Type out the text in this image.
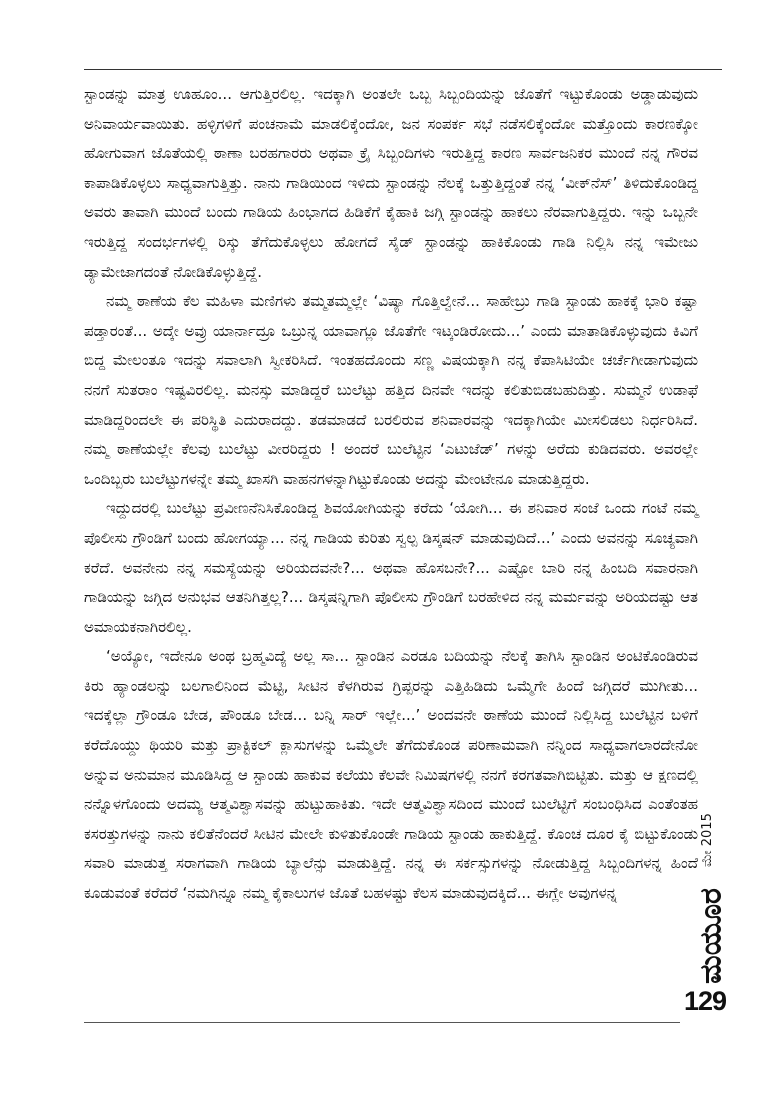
ಸ್ಟಾಂಡನ್ನು ಮಾತ್ರ ಊಹೂಂ... ಆಗುತ್ತಿರಲಿಲ್ಲ. ಇದಕ್ಕಾಗಿ ಅಂತಲೇ ಒಬ್ಬ ಸಿಬ್ಬಂದಿಯನ್ನು ಜೊತೆಗೆ ಇಟ್ಟುಕೊಂಡು ಅಡ್ಡಾಡುವುದು ಅನಿವಾರ್ಯವಾಯಿತು. ಹಳ್ಳಿಗಳಿಗೆ ಪಂಚನಾಮೆ ಮಾಡಲಿಕ್ಕೆಂದೋ, ಜನ ಸಂಪರ್ಕ ಸಭೆ ನಡೆಸಲಿಕ್ಕೆಂದೋ ಮತ್ತೊಂದು ಕಾರಣಕ್ಕೋ ಹೋಗುವಾಗ ಜೊತೆಯಲ್ಲಿ ಠಾಣಾ ಬರಹಗಾರರು ಅಥವಾ ಕ್ರೈ ಸಿಬ್ಬಂದಿಗಳು ಇರುತ್ತಿದ್ದ ಕಾರಣ ಸಾರ್ವಜನಿಕರ ಮುಂದೆ ನನ್ನ ಗೌರವ ಕಾಪಾಡಿಕೊಳ್ಳಲು ಸಾಧ್ಯವಾಗುತ್ತಿತ್ತು. ನಾನು ಗಾಡಿಯಿಂದ ಇಳಿದು ಸ್ಟಾಂಡನ್ನು ನೆಲಕ್ಕೆ ಒತ್ತುತ್ತಿದ್ದಂತೆ ನನ್ನ ‘ವೀಕ್‌ನೆಸ್’ ತಿಳಿದುಕೊಂಡಿದ್ದ ಅವರು ತಾವಾಗಿ ಮುಂದೆ ಬಂದು ಗಾಡಿಯ ಹಿಂಭಾಗದ ಹಿಡಿಕೆಗೆ ಕೈಹಾಕಿ ಜಗ್ಗಿ ಸ್ಟಾಂಡನ್ನು ಹಾಕಲು ನೆರವಾಗುತ್ತಿದ್ದರು. ಇನ್ನು ಒಬ್ಬನೇ ಇರುತ್ತಿದ್ದ ಸಂದರ್ಭಗಳಲ್ಲಿ ರಿಸ್ಕು ತೆಗೆದುಕೊಳ್ಳಲು ಹೋಗದೆ ಸೈಡ್ ಸ್ಟಾಂಡನ್ನು ಹಾಕಿಕೊಂಡು ಗಾಡಿ ನಿಲ್ಲಿಸಿ ನನ್ನ ಇಮೇಜು ಡ್ಯಾಮೇಜಾಗದಂತೆ ನೋಡಿಕೊಳ್ಳುತ್ತಿದ್ದೆ.

ನಮ್ಮ ಠಾಣೆಯ ಕೆಲ ಮಹಿಳಾ ಮಣಿಗಳು ತಮ್ಮತಮ್ಮಲ್ಲೇ ‘ವಿಷ್ಯಾ ಗೊತ್ತಿಲ್ವೇನೆ... ಸಾಹೇಬ್ರು ಗಾಡಿ ಸ್ಟಾಂಡು ಹಾಕಕ್ಕೆ ಭಾರಿ ಕಷ್ಟಾ ಪಡ್ತಾರಂತೆ... ಅದ್ಕೇ ಅವ್ರು ಯಾರ್ನಾದ್ರೂ ಒಬ್ರುನ್ನ ಯಾವಾಗ್ಲೂ ಜೊತೆಗೇ ಇಟ್ಕಂಡಿರೋದು...’ ಎಂದು ಮಾತಾಡಿಕೊಳ್ಳುವುದು ಕಿವಿಗೆ ಬಿದ್ದ ಮೇಲಂತೂ ಇದನ್ನು ಸವಾಲಾಗಿ ಸ್ವೀಕರಿಸಿದೆ. ಇಂತಹದೊಂದು ಸಣ್ಣ ವಿಷಯಕ್ಕಾಗಿ ನನ್ನ ಕೆಪಾಸಿಟಿಯೇ ಚರ್ಚೆಗೀಡಾಗುವುದು ನನಗೆ ಸುತರಾಂ ಇಷ್ಟವಿರಲಿಲ್ಲ. ಮನಸ್ಸು ಮಾಡಿದ್ದರೆ ಬುಲೆಟ್ಟು ಹತ್ತಿದ ದಿನವೇ ಇದನ್ನು ಕಲಿತುಬಿಡಬಹುದಿತ್ತು. ಸುಮ್ಮನೆ ಉಡಾಫೆ ಮಾಡಿದ್ದರಿಂದಲೇ ಈ ಪರಿಸ್ಥಿತಿ ಎದುರಾದದ್ದು. ತಡಮಾಡದೆ ಬರಲಿರುವ ಶನಿವಾರವನ್ನು ಇದಕ್ಕಾಗಿಯೇ ಮೀಸಲಿಡಲು ನಿರ್ಧರಿಸಿದೆ. ನಮ್ಮ ಠಾಣೆಯಲ್ಲೇ ಕೆಲವು ಬುಲೆಟ್ಟು ವೀರರಿದ್ದರು ! ಅಂದರೆ ಬುಲೆಟ್ಟಿನ ‘ಎಟುಜೆಡ್’ ಗಳನ್ನು ಅರೆದು ಕುಡಿದವರು. ಅವರಲ್ಲೇ ಒಂದಿಬ್ಬರು ಬುಲೆಟ್ಟುಗಳನ್ನೇ ತಮ್ಮ ಖಾಸಗಿ ವಾಹನಗಳನ್ನಾಗಿಟ್ಟುಕೊಂಡು ಅದನ್ನು ಮೇಂಟೇನೂ ಮಾಡುತ್ತಿದ್ದರು.

ಇದ್ದುದರಲ್ಲಿ ಬುಲೆಟ್ಟು ಪ್ರವೀಣನೆನಿಸಿಕೊಂಡಿದ್ದ ಶಿವಯೋಗಿಯನ್ನು ಕರೆದು ‘ಯೋಗಿ... ಈ ಶನಿವಾರ ಸಂಜೆ ಒಂದು ಗಂಟೆ ನಮ್ಮ ಪೊಲೀಸು ಗ್ರೌಂಡಿಗೆ ಬಂದು ಹೋಗಯ್ಯಾ... ನನ್ನ ಗಾಡಿಯ ಕುರಿತು ಸ್ವಲ್ಪ ಡಿಸ್ಕಷನ್ ಮಾಡುವುದಿದೆ...’ ಎಂದು ಅವನನ್ನು ಸೂಚ್ಯವಾಗಿ ಕರೆದೆ. ಅವನೇನು ನನ್ನ ಸಮಸ್ಯೆಯನ್ನು ಅರಿಯದವನೇ?... ಅಥವಾ ಹೊಸಬನೇ?... ಎಷ್ಟೋ ಬಾರಿ ನನ್ನ ಹಿಂಬದಿ ಸವಾರನಾಗಿ ಗಾಡಿಯನ್ನು ಜಗ್ಗಿದ ಅನುಭವ ಆತನಿಗಿತ್ತಲ್ಲ?... ಡಿಸ್ಕಷನ್ನಿಗಾಗಿ ಪೊಲೀಸು ಗ್ರೌಂಡಿಗೆ ಬರಹೇಳಿದ ನನ್ನ ಮರ್ಮವನ್ನು ಅರಿಯದಷ್ಟು ಆತ ಅಮಾಯಕನಾಗಿರಲಿಲ್ಲ.

‘ಅಯ್ಯೋ, ಇದೇನೂ ಅಂಥ ಬ್ರಹ್ಮವಿದ್ಯೆ ಅಲ್ಲ ಸಾ... ಸ್ಟಾಂಡಿನ ಎರಡೂ ಬದಿಯನ್ನು ನೆಲಕ್ಕೆ ತಾಗಿಸಿ ಸ್ಟಾಂಡಿನ ಅಂಟಿಕೊಂಡಿರುವ ಕಿರು ಹ್ಯಾಂಡಲನ್ನು ಬಲಗಾಲಿನಿಂದ ಮೆಟ್ಟಿ, ಸೀಟಿನ ಕೆಳಗಿರುವ ಗ್ರಿಪ್ಪರನ್ನು ಎತ್ತಿಹಿಡಿದು ಒಮ್ಮೆಗೇ ಹಿಂದೆ ಜಗ್ಗಿದರೆ ಮುಗೀತು... ಇದಕ್ಕೆಲ್ಲಾ ಗ್ರೌಂಡೂ ಬೇಡ, ಪೌಂಡೂ ಬೇಡ... ಬನ್ನಿ ಸಾರ್ ಇಲ್ಲೇ...’ ಅಂದವನೇ ಠಾಣೆಯ ಮುಂದೆ ನಿಲ್ಲಿಸಿದ್ದ ಬುಲೆಟ್ಟಿನ ಬಳಿಗೆ ಕರೆದೊಯ್ದು ಥಿಯರಿ ಮತ್ತು ಪ್ರಾಕ್ಟಿಕಲ್ ಕ್ಲಾಸುಗಳನ್ನು ಒಮ್ಮೆಲೇ ತೆಗೆದುಕೊಂಡ ಪರಿಣಾಮವಾಗಿ ನನ್ನಿಂದ ಸಾಧ್ಯವಾಗಲಾರದೇನೋ ಅನ್ನುವ ಅನುಮಾನ ಮೂಡಿಸಿದ್ದ ಆ ಸ್ಟಾಂಡು ಹಾಕುವ ಕಲೆಯು ಕೆಲವೇ ನಿಮಿಷಗಳಲ್ಲಿ ನನಗೆ ಕರಗತವಾಗಿಬಿಟ್ಟಿತು. ಮತ್ತು ಆ ಕ್ಷಣದಲ್ಲಿ ನನ್ನೊಳಗೊಂದು ಅದಮ್ಯ ಆತ್ಮವಿಶ್ವಾಸವನ್ನು ಹುಟ್ಟುಹಾಕಿತು. ಇದೇ ಆತ್ಮವಿಶ್ವಾಸದಿಂದ ಮುಂದೆ ಬುಲೆಟ್ಟಿಗೆ ಸಂಬಂಧಿಸಿದ ಎಂತೆಂತಹ ಕಸರತ್ತುಗಳನ್ನು ನಾನು ಕಲಿತೆನೆಂದರೆ ಸೀಟಿನ ಮೇಲೇ ಕುಳಿತುಕೊಂಡೇ ಗಾಡಿಯ ಸ್ಟಾಂಡು ಹಾಕುತ್ತಿದ್ದೆ. ಕೊಂಚ ದೂರ ಕೈ ಬಿಟ್ಟುಕೊಂಡು ಸವಾರಿ ಮಾಡುತ್ತ ಸರಾಗವಾಗಿ ಗಾಡಿಯ ಬ್ಯಾಲೆನ್ಸು ಮಾಡುತ್ತಿದ್ದೆ. ನನ್ನ ಈ ಸರ್ಕಸ್ಸುಗಳನ್ನು ನೋಡುತ್ತಿದ್ದ ಸಿಬ್ಬಂದಿಗಳನ್ನ ಹಿಂದೆ ಕೂಡುವಂತೆ ಕರೆದರೆ ‘ನಮಗಿನ್ನೂ ನಮ್ಮ ಕೈಕಾಲುಗಳ ಜೊತೆ ಬಹಳಷ್ಟು ಕೆಲಸ ಮಾಡುವುದಕ್ಕಿದೆ... ಈಗ್ಲೇ ಅವುಗಳನ್ನ

ಮೇ 2015
ಮಯೂರ
129
